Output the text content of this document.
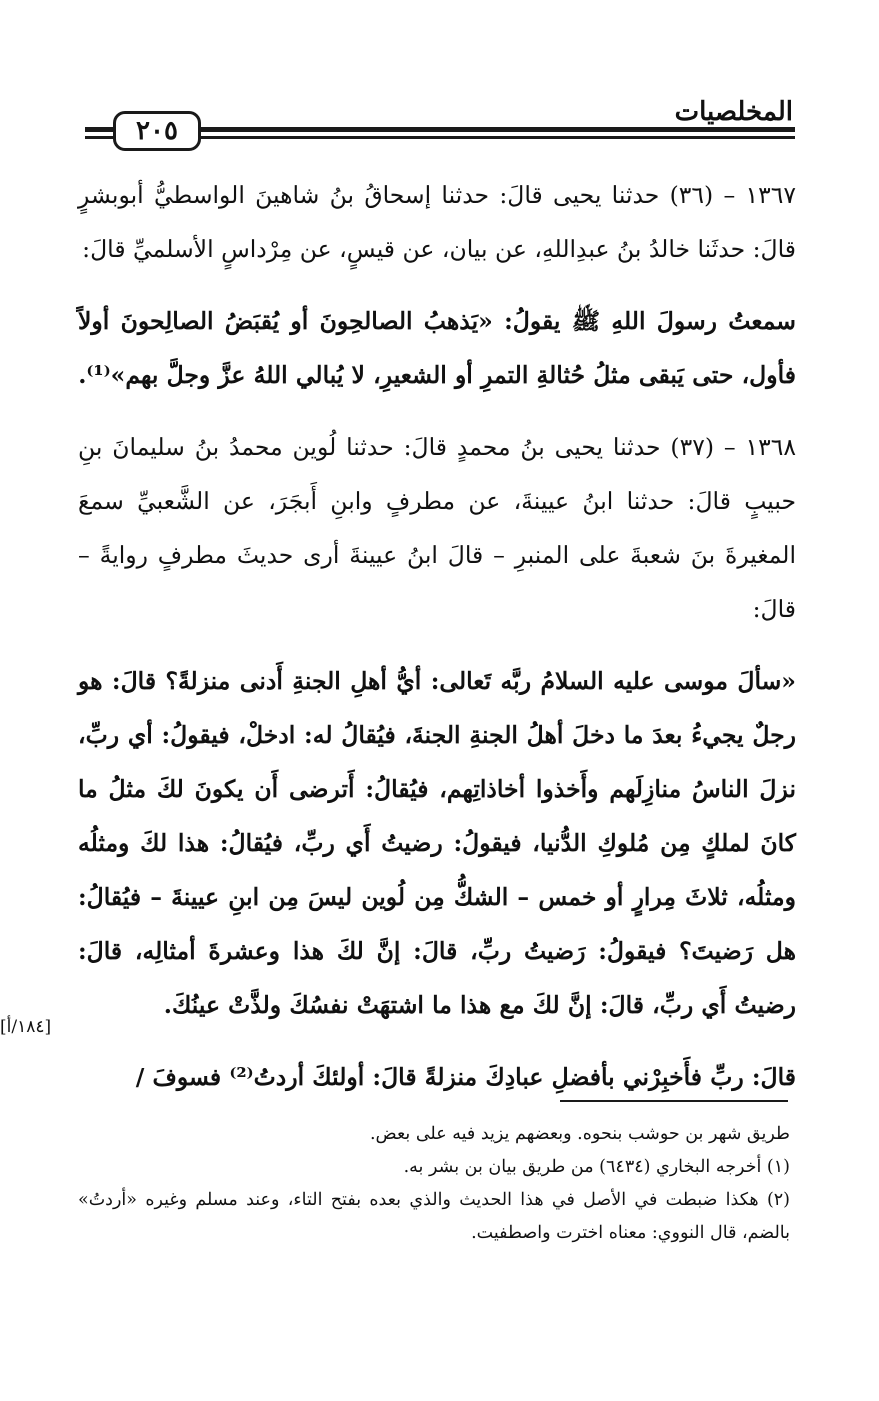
٢٠٥
المخلصيات

١٣٦٧ – (٣٦) حدثنا يحيى قالَ: حدثنا إسحاقُ بنُ شاهينَ الواسطيُّ أبوبشرٍ قالَ: حدثَنا خالدُ بنُ عبدِاللهِ، عن بيان، عن قيسٍ، عن مِرْداسٍ الأسلميِّ قالَ:

سمعتُ رسولَ اللهِ ﷺ يقولُ: «يَذهبُ الصالحِونَ أو يُقبَضُ الصالِحونَ أولاً فأول، حتى يَبقى مثلُ حُثالةِ التمرِ أو الشعيرِ، لا يُبالي اللهُ عزَّ وجلَّ بهم»⁽¹⁾.

١٣٦٨ – (٣٧) حدثنا يحيى بنُ محمدٍ قالَ: حدثنا لُوين محمدُ بنُ سليمانَ بنِ حبيبٍ قالَ: حدثنا ابنُ عيينةَ، عن مطرفٍ وابنِ أَبجَرَ، عن الشَّعبيِّ سمعَ المغيرةَ بنَ شعبةَ على المنبرِ – قالَ ابنُ عيينةَ أرى حديثَ مطرفٍ روايةً – قالَ:

«سألَ موسى عليه السلامُ ربَّه تَعالى: أيُّ أهلِ الجنةِ أَدنى منزلةً؟ قالَ: هو رجلٌ يجيءُ بعدَ ما دخلَ أهلُ الجنةِ الجنةَ، فيُقالُ له: ادخلْ، فيقولُ: أي ربِّ، نزلَ الناسُ منازِلَهم وأَخذوا أخاذاتِهم، فيُقالُ: أَترضى أَن يكونَ لكَ مثلُ ما كانَ لملكٍ مِن مُلوكِ الدُّنيا، فيقولُ: رضيتُ أَي ربِّ، فيُقالُ: هذا لكَ ومثلُه ومثلُه، ثلاثَ مِرارٍ أو خمس – الشكُّ مِن لُوين ليسَ مِن ابنِ عيينةَ – فيُقالُ: هل رَضيتَ؟ فيقولُ: رَضيتُ ربِّ، قالَ: إنَّ لكَ هذا وعشرةَ أمثالِه، قالَ: رضيتُ أَي ربِّ، قالَ: إنَّ لكَ مع هذا ما اشتهَتْ نفسُكَ ولذَّتْ عينُكَ.

قالَ: ربِّ فأَخبِرْني بأفضلِ عبادِكَ منزلةً قالَ: أولئكَ أردتُ⁽²⁾ فسوفَ /

[١٨٤/أ]

طريق شهر بن حوشب بنحوه. وبعضهم يزيد فيه على بعض.

(١) أخرجه البخاري (٦٤٣٤) من طريق بيان بن بشر به.

(٢) هكذا ضبطت في الأصل في هذا الحديث والذي بعده بفتح التاء، وعند مسلم وغيره «أردتُ» بالضم، قال النووي: معناه اخترت واصطفيت.
